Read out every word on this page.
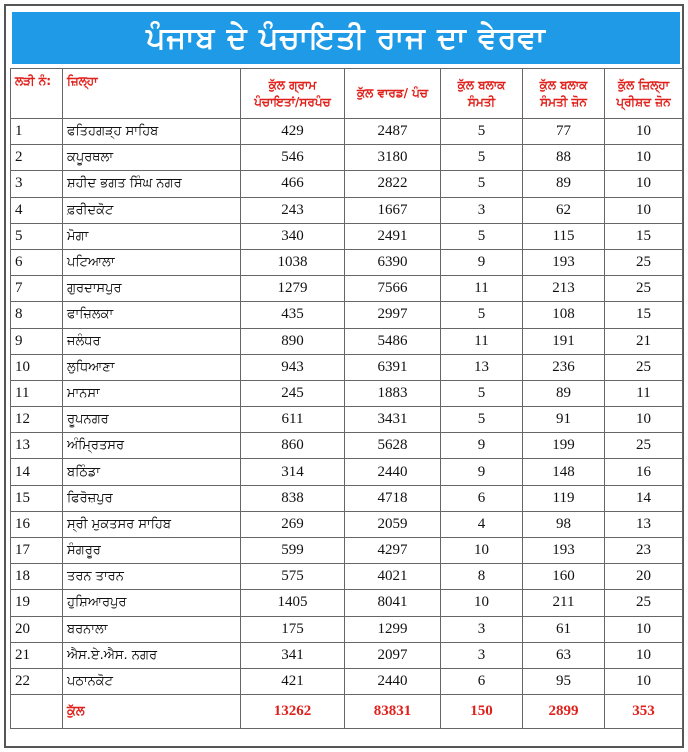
ਪੰਜਾਬ ਦੇ ਪੰਚਾਇਤੀ ਰਾਜ ਦਾ ਵੇਰਵਾ
ਲੜੀ ਨੰ:	ਜ਼ਿਲ੍ਹਾ	ਕੁੱਲ ਗ੍ਰਾਮ ਪੰਚਾਇਤਾਂ/ਸਰਪੰਚ	ਕੁੱਲ ਵਾਰਡ/ ਪੰਚ	ਕੁੱਲ ਬਲਾਕ ਸੰਮਤੀ	ਕੁੱਲ ਬਲਾਕ ਸੰਮਤੀ ਜ਼ੋਨ	ਕੁੱਲ ਜ਼ਿਲ੍ਹਾ ਪ੍ਰੀਸ਼ਦ ਜ਼ੋਨ
1	ਫਤਿਹਗੜ੍ਹ ਸਾਹਿਬ	429	2487	5	77	10
2	ਕਪੂਰਥਲਾ	546	3180	5	88	10
3	ਸ਼ਹੀਦ ਭਗਤ ਸਿੰਘ ਨਗਰ	466	2822	5	89	10
4	ਫ਼ਰੀਦਕੋਟ	243	1667	3	62	10
5	ਮੋਗਾ	340	2491	5	115	15
6	ਪਟਿਆਲਾ	1038	6390	9	193	25
7	ਗੁਰਦਾਸਪੁਰ	1279	7566	11	213	25
8	ਫਾਜ਼ਿਲਕਾ	435	2997	5	108	15
9	ਜਲੰਧਰ	890	5486	11	191	21
10	ਲੁਧਿਆਣਾ	943	6391	13	236	25
11	ਮਾਨਸਾ	245	1883	5	89	11
12	ਰੂਪਨਗਰ	611	3431	5	91	10
13	ਅੰਮ੍ਰਿਤਸਰ	860	5628	9	199	25
14	ਬਠਿੰਡਾ	314	2440	9	148	16
15	ਫਿਰੋਜ਼ਪੁਰ	838	4718	6	119	14
16	ਸ੍ਰੀ ਮੁਕਤਸਰ ਸਾਹਿਬ	269	2059	4	98	13
17	ਸੰਗਰੂਰ	599	4297	10	193	23
18	ਤਰਨ ਤਾਰਨ	575	4021	8	160	20
19	ਹੁਸ਼ਿਆਰਪੁਰ	1405	8041	10	211	25
20	ਬਰਨਾਲਾ	175	1299	3	61	10
21	ਐਸ.ਏ.ਐਸ. ਨਗਰ	341	2097	3	63	10
22	ਪਠਾਨਕੋਟ	421	2440	6	95	10
	ਕੁੱਲ	13262	83831	150	2899	353
